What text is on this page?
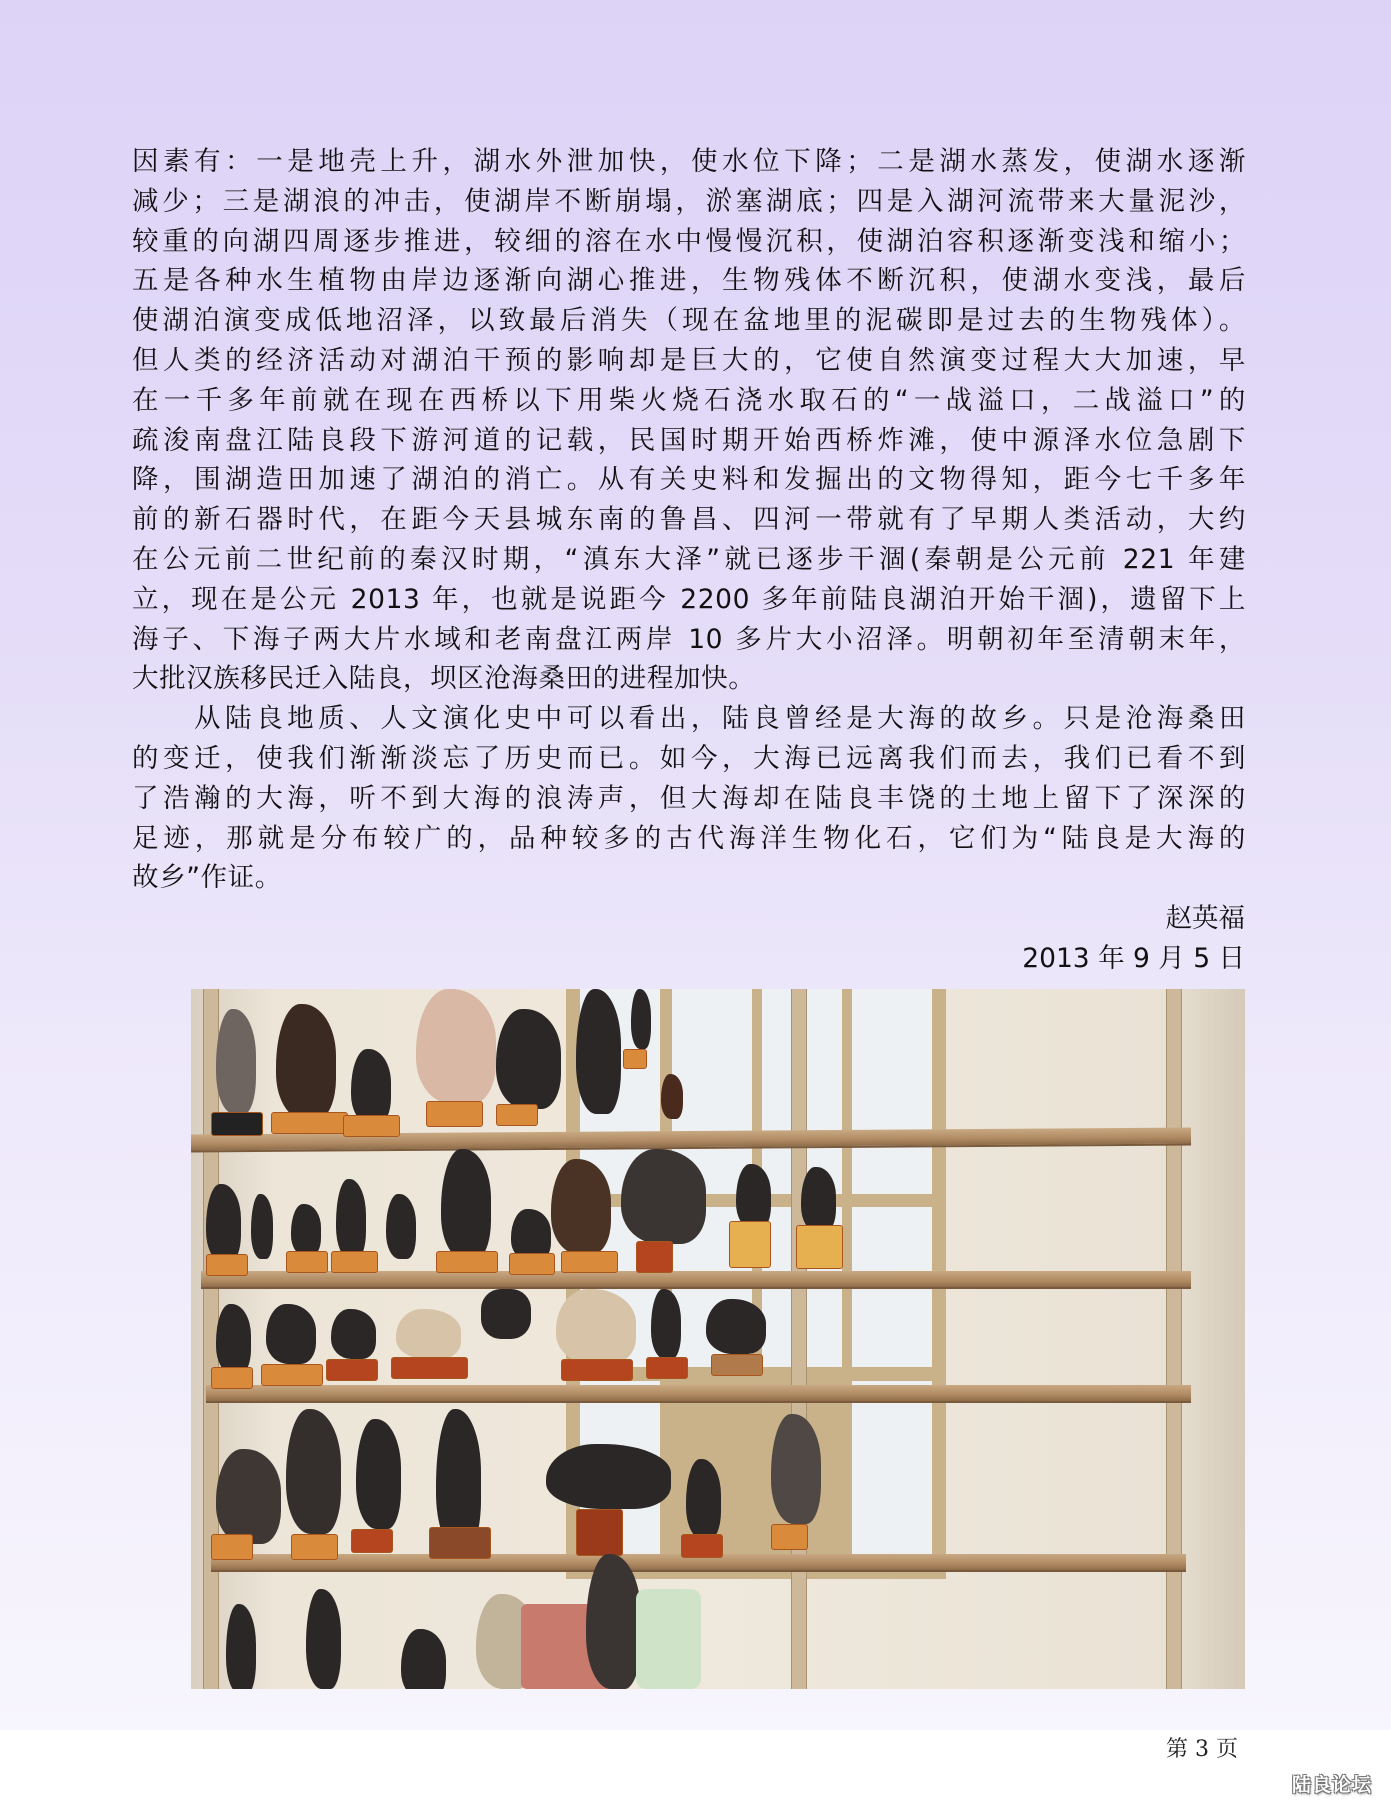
因素有：一是地壳上升，湖水外泄加快，使水位下降；二是湖水蒸发，使湖水逐渐
减少；三是湖浪的冲击，使湖岸不断崩塌，淤塞湖底；四是入湖河流带来大量泥沙，
较重的向湖四周逐步推进，较细的溶在水中慢慢沉积，使湖泊容积逐渐变浅和缩小；
五是各种水生植物由岸边逐渐向湖心推进，生物残体不断沉积，使湖水变浅，最后
使湖泊演变成低地沼泽，以致最后消失（现在盆地里的泥碳即是过去的生物残体）。
但人类的经济活动对湖泊干预的影响却是巨大的，它使自然演变过程大大加速，早
在一千多年前就在现在西桥以下用柴火烧石浇水取石的“一战溢口，二战溢口”的
疏浚南盘江陆良段下游河道的记载，民国时期开始西桥炸滩，使中源泽水位急剧下
降，围湖造田加速了湖泊的消亡。从有关史料和发掘出的文物得知，距今七千多年
前的新石器时代，在距今天县城东南的鲁昌、四河一带就有了早期人类活动，大约
在公元前二世纪前的秦汉时期，“滇东大泽”就已逐步干涸(秦朝是公元前 221 年建
立，现在是公元 2013 年，也就是说距今 2200 多年前陆良湖泊开始干涸)，遗留下上
海子、下海子两大片水域和老南盘江两岸 10 多片大小沼泽。明朝初年至清朝末年，
大批汉族移民迁入陆良，坝区沧海桑田的进程加快。
从陆良地质、人文演化史中可以看出，陆良曾经是大海的故乡。只是沧海桑田
的变迁，使我们渐渐淡忘了历史而已。如今，大海已远离我们而去，我们已看不到
了浩瀚的大海，听不到大海的浪涛声，但大海却在陆良丰饶的土地上留下了深深的
足迹，那就是分布较广的，品种较多的古代海洋生物化石，它们为“陆良是大海的
故乡”作证。
赵英福
2013 年 9 月 5 日
第 3 页
陆良论坛
